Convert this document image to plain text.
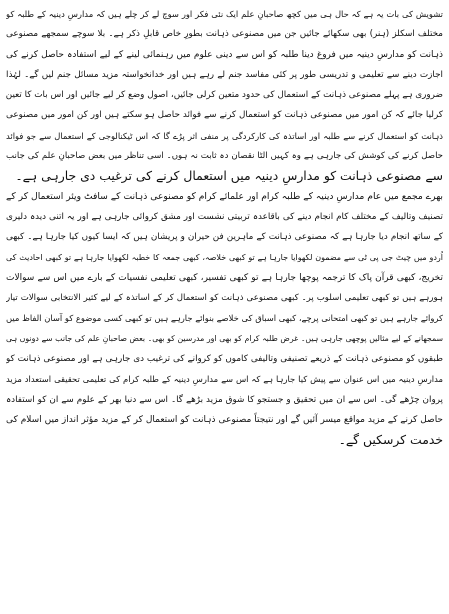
تشویش کی بات یہ ہے کہ حال ہی میں کچھ صاحبانِ علم ایک نئی فکر اور سوچ لے کر چلے ہیں کہ مدارسِ دینیہ کے طلبہ کو
مختلف اسکلز (ہنر) بھی سکھائے جائیں جن میں مصنوعی ذہانت بطورِ خاص قابلِ ذکر ہے۔ بلا سوچے سمجھے مصنوعی
ذہانت کو مدارسِ دینیہ میں فروغ دینا طلبہ کو اس سے دینی علوم میں رہنمائی لینے کے لیے استفادہ حاصل کرنے کی
اجازت دینے سے تعلیمی و تدریسی طور پر کئی مفاسد جنم لے رہے ہیں اور خدانخواستہ مزید مسائل جنم لیں گے۔ لہٰذا
ضروری ہے پہلے مصنوعی ذہانت کے استعمال کی حدود متعین کرلی جائیں، اصول وضع کر لیے جائیں اور اس بات کا تعین
کرلیا جائے کہ کن امور میں مصنوعی ذہانت کو استعمال کرنے سے فوائد حاصل ہو سکتے ہیں اور کن امور میں مصنوعی
ذہانت کو استعمال کرنے سے طلبہ اور اساتذہ کی کارکردگی پر منفی اثر پڑے گا کہ اس ٹیکنالوجی کے استعمال سے جو فوائد
حاصل کرنے کی کوشش کی جارہی ہے وہ کہیں الٹا نقصان دہ ثابت نہ ہوں۔ اسی تناظر میں بعض صاحبانِ علم کی جانب
سے مصنوعی ذہانت کو مدارسِ دینیہ میں استعمال کرنے کی ترغیب دی جارہی ہے۔
بھرے مجمع میں عام مدارسِ دینیہ کے طلبہ کرام اور علمائے کرام کو مصنوعی ذہانت کے سافٹ ویئر استعمال کر کے
تصنیف وتالیف کے مختلف کام انجام دینے کی باقاعدہ تربیتی نشست اور مشق کروائی جارہی ہے اور یہ اتنی دیدہ دلیری
کے ساتھ انجام دیا جارہا ہے کہ مصنوعی ذہانت کے ماہرین فن حیران و پریشان ہیں کہ ایسا کیوں کیا جارہا ہے۔ کبھی
اُردو میں چیٹ جی پی ٹی سے مضمون لکھوایا جارہا ہے تو کبھی خلاصہ، کبھی جمعہ کا خطبہ لکھوایا جارہا ہے تو کبھی احادیث کی
تخریج، کبھی قرآن پاک کا ترجمہ پوچھا جارہا ہے تو کبھی تفسیر، کبھی تعلیمی نفسیات کے بارے میں اس سے سوالات
ہورہے ہیں تو کبھی تعلیمی اسلوب پر۔ کبھی مصنوعی ذہانت کو استعمال کر کے اساتذہ کے لیے کثیر الانتخابی سوالات تیار
کروائے جارہے ہیں تو کبھی امتحانی پرچے، کبھی اسباق کی خلاصے بنوائے جارہے ہیں تو کبھی کسی موضوع کو آسان الفاظ میں
سمجھانے کے لیے مثالیں پوچھی جارہی ہیں۔ غرض طلبہ کرام کو بھی اور مدرسین کو بھی۔ بعض صاحبانِ علم کی جانب سے دونوں ہی
طبقوں کو مصنوعی ذہانت کے ذریعے تصنیفی وتالیفی کاموں کو کروانے کی ترغیب دی جارہی ہے اور مصنوعی ذہانت کو
مدارسِ دینیہ میں اس عنوان سے پیش کیا جارہا ہے کہ اس سے مدارسِ دینیہ کے طلبہ کرام کی تعلیمی تحقیقی استعداد مزید
پروان چڑھے گی۔ اس سے ان میں تحقیق و جستجو کا شوق مزید بڑھے گا۔ اس سے دنیا بھر کے علوم سے ان کو استفادہ
حاصل کرنے کے مزید مواقع میسر آئیں گے اور نتیجتاً مصنوعی ذہانت کو استعمال کر کے مزید مؤثر انداز میں اسلام کی
خدمت کرسکیں گے۔
